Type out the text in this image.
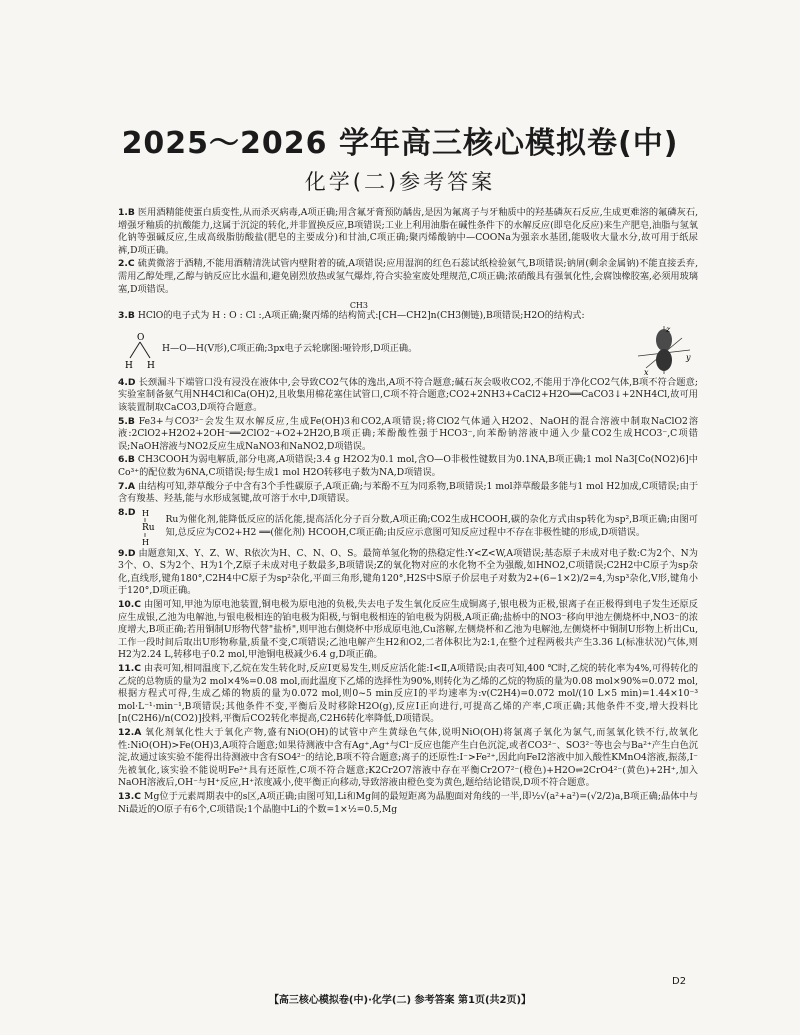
2025～2026 学年高三核心模拟卷(中)
化学(二)参考答案

1.B 医用酒精能使蛋白质变性,从而杀灭病毒,A项正确;用含氟牙膏预防龋齿,是因为氟离子与牙釉质中的羟基磷灰石反应,生成更难溶的氟磷灰石,增强牙釉质的抗酸能力,这属于沉淀的转化,并非置换反应,B项错误;工业上利用油脂在碱性条件下的水解反应(即皂化反应)来生产肥皂,油脂与氢氧化钠等强碱反应,生成高级脂肪酸盐(肥皂的主要成分)和甘油,C项正确;聚丙烯酸钠中—COONa为强亲水基团,能吸收大量水分,故可用于纸尿裤,D项正确。

2.C 硫黄微溶于酒精,不能用酒精清洗试管内壁附着的硫,A项错误;应用湿润的红色石蕊试纸检验氨气,B项错误;钠屑(剩余金属钠)不能直接丢弃,需用乙醇处理,乙醇与钠反应比水温和,避免剧烈放热或氢气爆炸,符合实验室废处理规范,C项正确;浓硝酸具有强氧化性,会腐蚀橡胶塞,必须用玻璃塞,D项错误。

CH3
3.B HClO的电子式为 H : O : Cl :,A项正确;聚丙烯的结构简式:[CH—CH2]n(CH3侧链),B项错误;H2O的结构式:
O
H H
H—O—H(V形),C项正确;3px电子云轮廓图:哑铃形,D项正确。
z
x
y

4.D 长颈漏斗下端管口没有浸没在液体中,会导致CO2气体的逸出,A项不符合题意;碱石灰会吸收CO2,不能用于净化CO2气体,B项不符合题意;实验室制备氨气用NH4Cl和Ca(OH)2,且收集用棉花塞住试管口,C项不符合题意;CO2+2NH3+CaCl2+H2O══CaCO3↓+2NH4Cl,故可用该装置制取CaCO3,D项符合题意。

5.B Fe3+与CO3²⁻会发生双水解反应,生成Fe(OH)3和CO2,A项错误;将ClO2气体通入H2O2、NaOH的混合溶液中制取NaClO2溶液:2ClO2+H2O2+2OH⁻══2ClO2⁻+O2+2H2O,B项正确;苯酚酸性强于HCO3⁻,向苯酚钠溶液中通入少量CO2生成HCO3⁻,C项错误;NaOH溶液与NO2反应生成NaNO3和NaNO2,D项错误。

6.B CH3COOH为弱电解质,部分电离,A项错误;3.4 g H2O2为0.1 mol,含O—O非极性键数目为0.1NA,B项正确;1 mol Na3[Co(NO2)6]中Co³⁺的配位数为6NA,C项错误;每生成1 mol H2O转移电子数为NA,D项错误。

7.A 由结构可知,莽草酸分子中含有3个手性碳原子,A项正确;与苯酚不互为同系物,B项错误;1 mol莽草酸最多能与1 mol H2加成,C项错误;由于含有羧基、羟基,能与水形成氢键,故可溶于水中,D项错误。

8.D H
Ru
H
Ru为催化剂,能降低反应的活化能,提高活化分子百分数,A项正确;CO2生成HCOOH,碳的杂化方式由sp转化为sp²,B项正确;由图可知,总反应为CO2+H2 ══(催化剂) HCOOH,C项正确;由反应示意图可知反应过程中不存在非极性键的形成,D项错误。

9.D 由题意知,X、Y、Z、W、R依次为H、C、N、O、S。最简单氢化物的热稳定性:Y<Z<W,A项错误;基态原子未成对电子数:C为2个、N为3个、O、S为2个、H为1个,Z原子未成对电子数最多,B项错误;Z的氧化物对应的水化物不全为强酸,如HNO2,C项错误;C2H2中C原子为sp杂化,直线形,键角180°,C2H4中C原子为sp²杂化,平面三角形,键角120°,H2S中S原子价层电子对数为2+(6−1×2)/2=4,为sp³杂化,V形,键角小于120°,D项正确。

10.C 由图可知,甲池为原电池装置,铜电极为原电池的负极,失去电子发生氧化反应生成铜离子,银电极为正极,银离子在正极得到电子发生还原反应生成银,乙池为电解池,与银电极相连的铂电极为阳极,与铜电极相连的铂电极为阴极,A项正确;盐桥中的NO3⁻移向甲池左侧烧杯中,NO3⁻的浓度增大,B项正确;若用铜制U形物代替"盐桥",则甲池右侧烧杯中形成原电池,Cu溶解,左侧烧杯和乙池为电解池,左侧烧杯中铜制U形物上析出Cu,工作一段时间后取出U形物称量,质量不变,C项错误;乙池电解产生H2和O2,二者体积比为2:1,在整个过程两极共产生3.36 L(标准状况)气体,则H2为2.24 L,转移电子0.2 mol,甲池铜电极减少6.4 g,D项正确。

11.C 由表可知,相同温度下,乙烷在发生转化时,反应Ⅰ更易发生,则反应活化能:Ⅰ<Ⅱ,A项错误;由表可知,400 ℃时,乙烷的转化率为4%,可得转化的乙烷的总物质的量为2 mol×4%=0.08 mol,而此温度下乙烯的选择性为90%,则转化为乙烯的乙烷的物质的量为0.08 mol×90%=0.072 mol,根据方程式可得,生成乙烯的物质的量为0.072 mol,则0~5 min反应Ⅰ的平均速率为:v(C2H4)=0.072 mol/(10 L×5 min)=1.44×10⁻³ mol·L⁻¹·min⁻¹,B项错误;其他条件不变,平衡后及时移除H2O(g),反应Ⅰ正向进行,可提高乙烯的产率,C项正确;其他条件不变,增大投料比[n(C2H6)/n(CO2)]投料,平衡后CO2转化率提高,C2H6转化率降低,D项错误。

12.A 氧化剂氧化性大于氧化产物,盛有NiO(OH)的试管中产生黄绿色气体,说明NiO(OH)将氯离子氧化为氯气,而氢氧化铁不行,故氧化性:NiO(OH)>Fe(OH)3,A项符合题意;如果待测液中含有Ag⁺,Ag⁺与Cl⁻反应也能产生白色沉淀,或者CO3²⁻、SO3²⁻等也会与Ba²⁺产生白色沉淀,故通过该实验不能得出待测液中含有SO4²⁻的结论,B项不符合题意;离子的还原性:I⁻>Fe²⁺,因此向FeI2溶液中加入酸性KMnO4溶液,振荡,I⁻先被氧化,该实验不能说明Fe²⁺具有还原性,C项不符合题意;K2Cr2O7溶液中存在平衡Cr2O7²⁻(橙色)+H2O⇌2CrO4²⁻(黄色)+2H⁺,加入NaOH溶液后,OH⁻与H⁺反应,H⁺浓度减小,使平衡正向移动,导致溶液由橙色变为黄色,题给结论错误,D项不符合题意。

13.C Mg位于元素周期表中的s区,A项正确;由图可知,Li和Mg间的最短距离为晶胞面对角线的一半,即½√(a²+a²)=(√2/2)a,B项正确;晶体中与Ni最近的O原子有6个,C项错误;1个晶胞中Li的个数=1×½=0.5,Mg

D2
【高三核心模拟卷(中)·化学(二) 参考答案 第1页(共2页)】
